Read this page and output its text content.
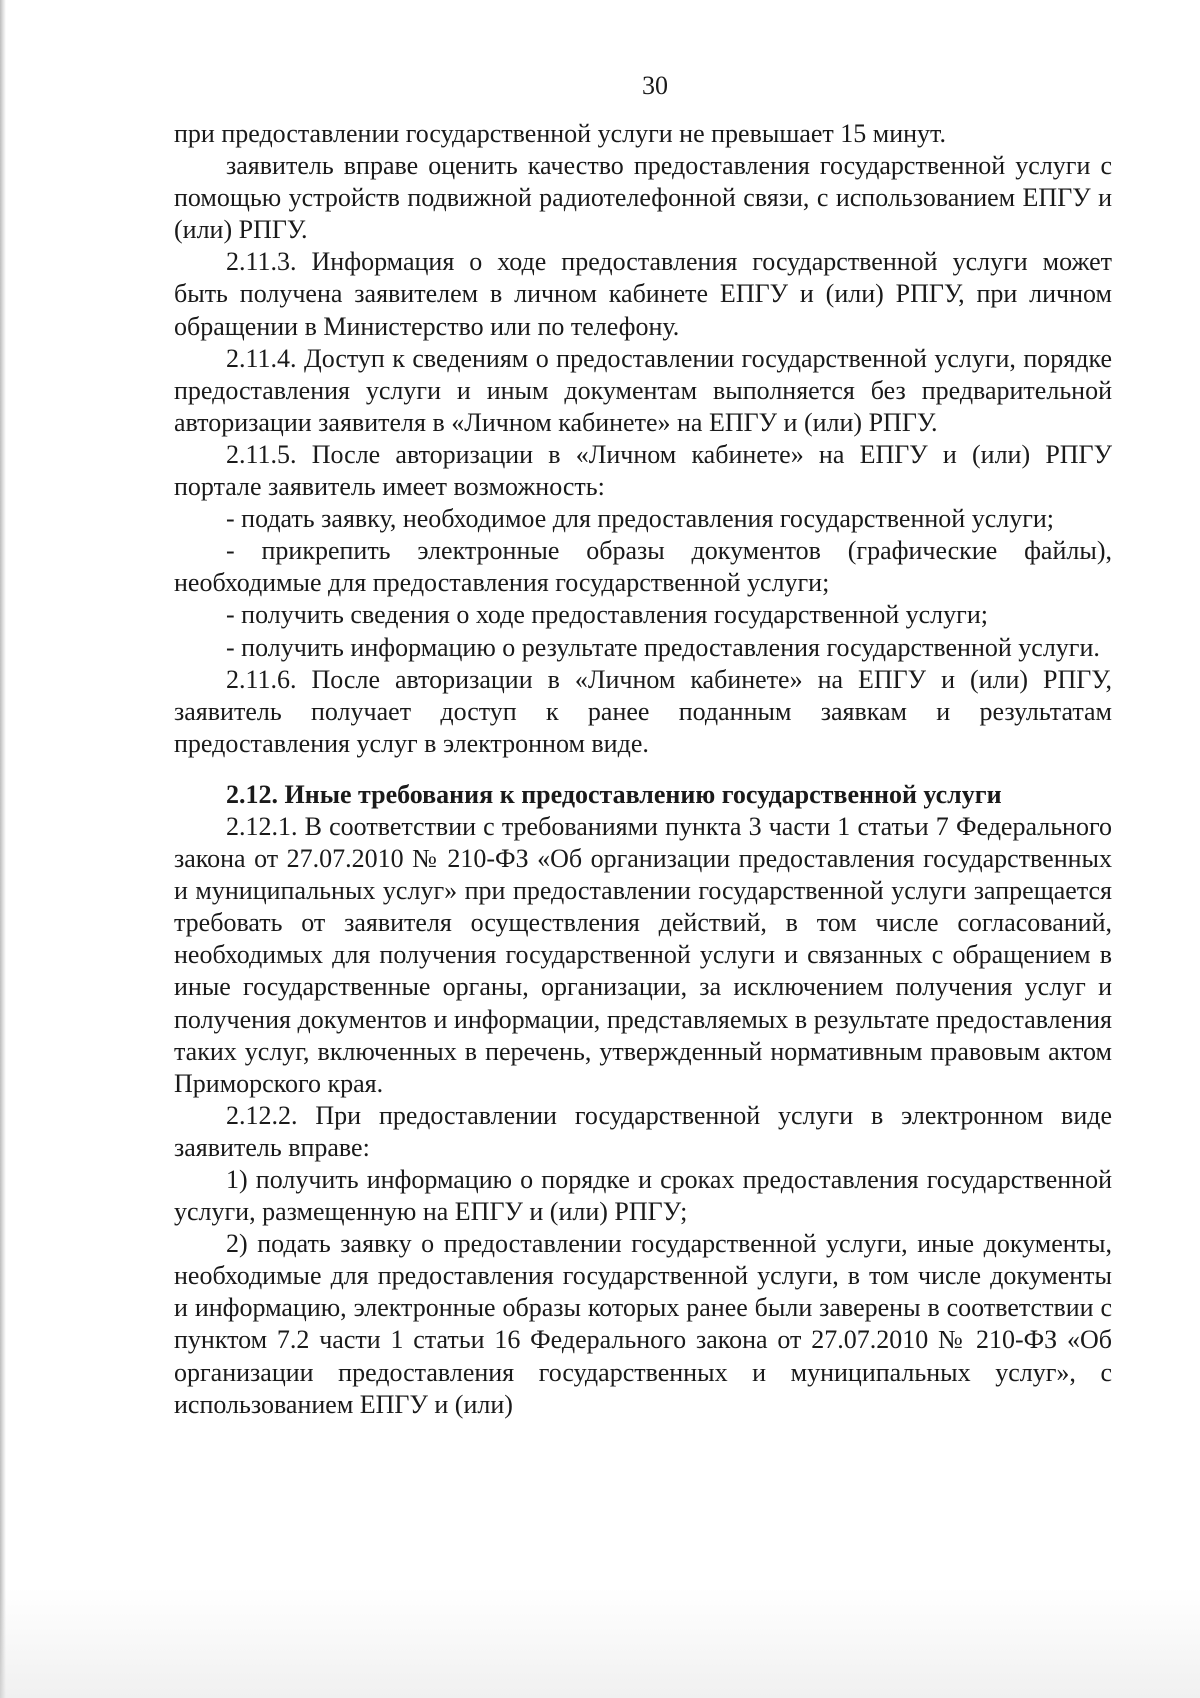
30

при предоставлении государственной услуги не превышает 15 минут.

заявитель вправе оценить качество предоставления государственной услуги с помощью устройств подвижной радиотелефонной связи, с использованием ЕПГУ и (или) РПГУ.

2.11.3. Информация о ходе предоставления государственной услуги может быть получена заявителем в личном кабинете ЕПГУ и (или) РПГУ, при личном обращении в Министерство или по телефону.

2.11.4. Доступ к сведениям о предоставлении государственной услуги, порядке предоставления услуги и иным документам выполняется без предварительной авторизации заявителя в «Личном кабинете» на ЕПГУ и (или) РПГУ.

2.11.5. После авторизации в «Личном кабинете» на ЕПГУ и (или) РПГУ портале заявитель имеет возможность:

- подать заявку, необходимое для предоставления государственной услуги;

- прикрепить электронные образы документов (графические файлы), необходимые для предоставления государственной услуги;

- получить сведения о ходе предоставления государственной услуги;

- получить информацию о результате предоставления государственной услуги.

2.11.6. После авторизации в «Личном кабинете» на ЕПГУ и (или) РПГУ, заявитель получает доступ к ранее поданным заявкам и результатам предоставления услуг в электронном виде.

2.12. Иные требования к предоставлению государственной услуги

2.12.1. В соответствии с требованиями пункта 3 части 1 статьи 7 Федерального закона от 27.07.2010 № 210-ФЗ «Об организации предоставления государственных и муниципальных услуг» при предоставлении государственной услуги запрещается требовать от заявителя осуществления действий, в том числе согласований, необходимых для получения государственной услуги и связанных с обращением в иные государственные органы, организации, за исключением получения услуг и получения документов и информации, представляемых в результате предоставления таких услуг, включенных в перечень, утвержденный нормативным правовым актом Приморского края.

2.12.2. При предоставлении государственной услуги в электронном виде заявитель вправе:

1) получить информацию о порядке и сроках предоставления государственной услуги, размещенную на ЕПГУ и (или) РПГУ;

2) подать заявку о предоставлении государственной услуги, иные документы, необходимые для предоставления государственной услуги, в том числе документы и информацию, электронные образы которых ранее были заверены в соответствии с пунктом 7.2 части 1 статьи 16 Федерального закона от 27.07.2010 № 210-ФЗ «Об организации предоставления государственных и муниципальных услуг», с использованием ЕПГУ и (или)
